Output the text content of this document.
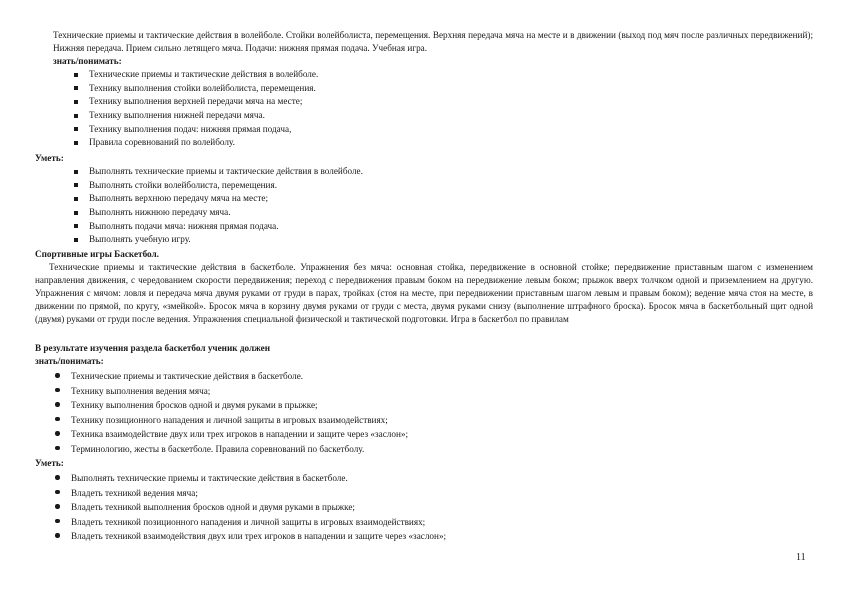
Технические приемы и тактические действия в волейболе. Стойки волейболиста, перемещения. Верхняя передача мяча на месте и в движении (выход под мяч после различных передвижений); Нижняя передача. Прием сильно летящего мяча. Подачи: нижняя прямая подача. Учебная игра.
знать/понимать:
Технические приемы и тактические действия в волейболе.
Технику выполнения стойки волейболиста, перемещения.
Технику выполнения верхней передачи мяча на месте;
Технику выполнения нижней передачи мяча.
Технику выполнения подач: нижняя прямая подача,
Правила соревнований по волейболу.
Уметь:
Выполнять технические приемы и тактические действия в волейболе.
Выполнять стойки волейболиста, перемещения.
Выполнять верхнюю передачу мяча на месте;
Выполнять нижнюю передачу мяча.
Выполнять подачи мяча: нижняя прямая подача.
Выполнять учебную игру.
Спортивные игры Баскетбол.
Технические приемы и тактические действия в баскетболе. Упражнения без мяча: основная стойка, передвижение в основной стойке; передвижение приставным шагом с изменением направления движения, с чередованием скорости передвижения; переход с передвижения правым боком на передвижение левым боком; прыжок вверх толчком одной и приземлением на другую. Упражнения с мячом: ловля и передача мяча двумя руками от груди в парах, тройках (стоя на месте, при передвижении приставным шагом левым и правым боком); ведение мяча стоя на месте, в движении по прямой, по кругу, «змейкой». Бросок мяча в корзину двумя руками от груди с места, двумя руками снизу (выполнение штрафного броска). Бросок мяча в баскетбольный щит одной (двумя) руками от груди после ведения. Упражнения специальной физической и тактической подготовки. Игра в баскетбол по правилам
В результате изучения раздела баскетбол ученик должен
знать/понимать:
Технические приемы и тактические действия в баскетболе.
Технику выполнения ведения мяча;
Технику выполнения бросков одной и двумя руками в прыжке;
Технику позиционного нападения и личной защиты в игровых взаимодействиях;
Техника взаимодействие двух или трех игроков в нападении и защите через «заслон»;
Терминологию, жесты в баскетболе. Правила соревнований по баскетболу.
Уметь:
Выполнять технические приемы и тактические действия в баскетболе.
Владеть техникой ведения мяча;
Владеть техникой выполнения бросков одной и двумя руками в прыжке;
Владеть техникой позиционного нападения и личной защиты в игровых взаимодействиях;
Владеть техникой взаимодействия двух или трех игроков в нападении и защите через «заслон»;
11
